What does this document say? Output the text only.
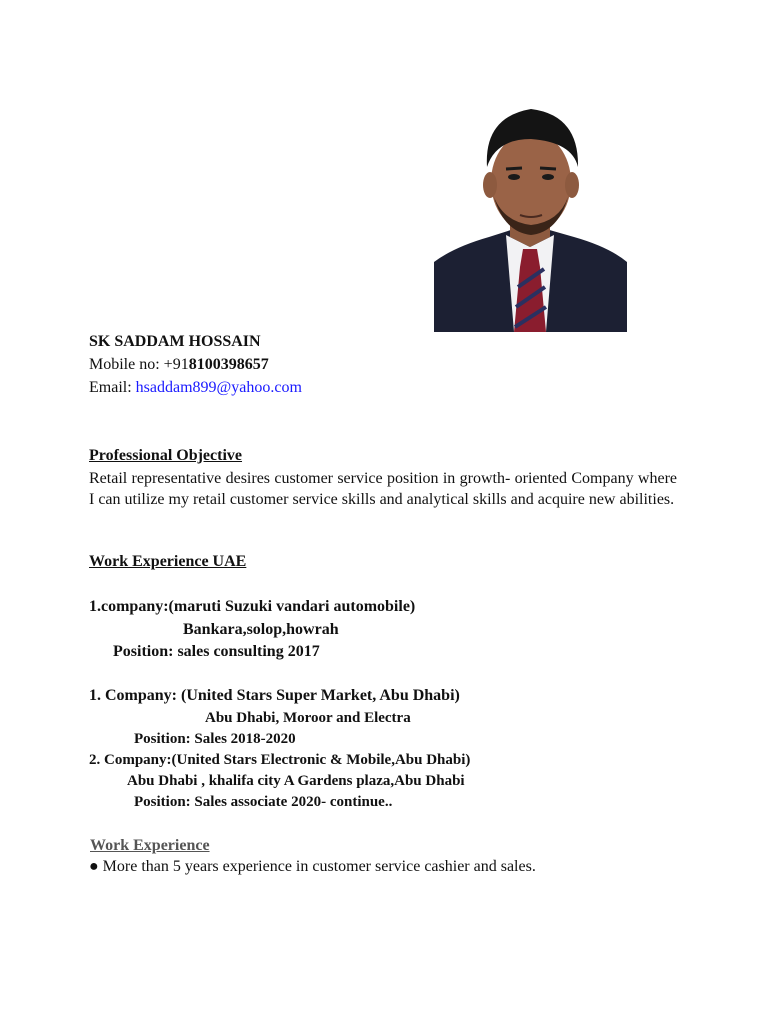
SK SADDAM HOSSAIN
Mobile no: +918100398657
Email: hsaddam899@yahoo.com
Professional Objective
Retail representative desires customer service position in growth- oriented Company where I can utilize my retail customer service skills and analytical skills and acquire new abilities.
Work Experience UAE
1.company:(maruti Suzuki vandari automobile)
Bankara,solop,howrah
Position: sales consulting 2017
1. Company: (United Stars Super Market, Abu Dhabi)
Abu Dhabi, Moroor and Electra
Position: Sales 2018-2020
2. Company:(United Stars Electronic & Mobile,Abu Dhabi)
Abu Dhabi , khalifa city A Gardens plaza,Abu Dhabi
Position: Sales associate 2020- continue..
Work Experience
● More than 5 years experience in customer service cashier and sales.
